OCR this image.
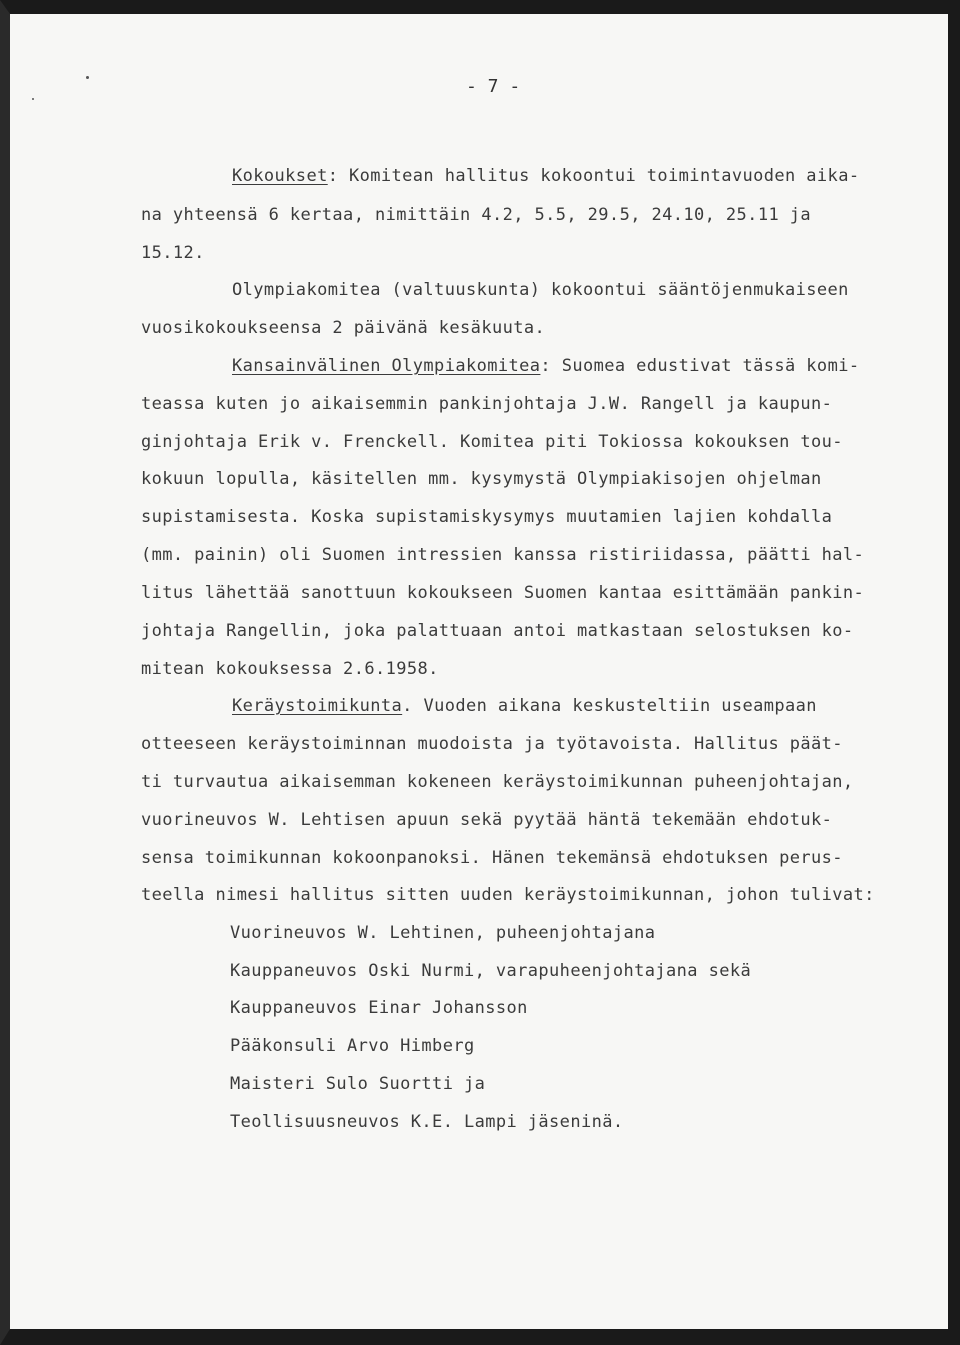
- 7 -
Kokoukset: Komitean hallitus kokoontui toimintavuoden aika-
na yhteensä 6 kertaa, nimittäin 4.2, 5.5, 29.5, 24.10, 25.11 ja
15.12.
Olympiakomitea (valtuuskunta) kokoontui sääntöjenmukaiseen
vuosikokoukseensa 2 päivänä kesäkuuta.
Kansainvälinen Olympiakomitea: Suomea edustivat tässä komi-
teassa kuten jo aikaisemmin pankinjohtaja J.W. Rangell ja kaupun-
ginjohtaja Erik v. Frenckell. Komitea piti Tokiossa kokouksen tou-
kokuun lopulla, käsitellen mm. kysymystä Olympiakisojen ohjelman
supistamisesta. Koska supistamiskysymys muutamien lajien kohdalla
(mm. painin) oli Suomen intressien kanssa ristiriidassa, päätti hal-
litus lähettää sanottuun kokoukseen Suomen kantaa esittämään pankin-
johtaja Rangellin, joka palattuaan antoi matkastaan selostuksen ko-
mitean kokouksessa 2.6.1958.
Keräystoimikunta. Vuoden aikana keskusteltiin useampaan
otteeseen keräystoiminnan muodoista ja työtavoista. Hallitus päät-
ti turvautua aikaisemman kokeneen keräystoimikunnan puheenjohtajan,
vuorineuvos W. Lehtisen apuun sekä pyytää häntä tekemään ehdotuk-
sensa toimikunnan kokoonpanoksi. Hänen tekemänsä ehdotuksen perus-
teella nimesi hallitus sitten uuden keräystoimikunnan, johon tulivat:
Vuorineuvos W. Lehtinen, puheenjohtajana
Kauppaneuvos Oski Nurmi, varapuheenjohtajana sekä
Kauppaneuvos Einar Johansson
Pääkonsuli Arvo Himberg
Maisteri Sulo Suortti ja
Teollisuusneuvos K.E. Lampi jäseninä.
